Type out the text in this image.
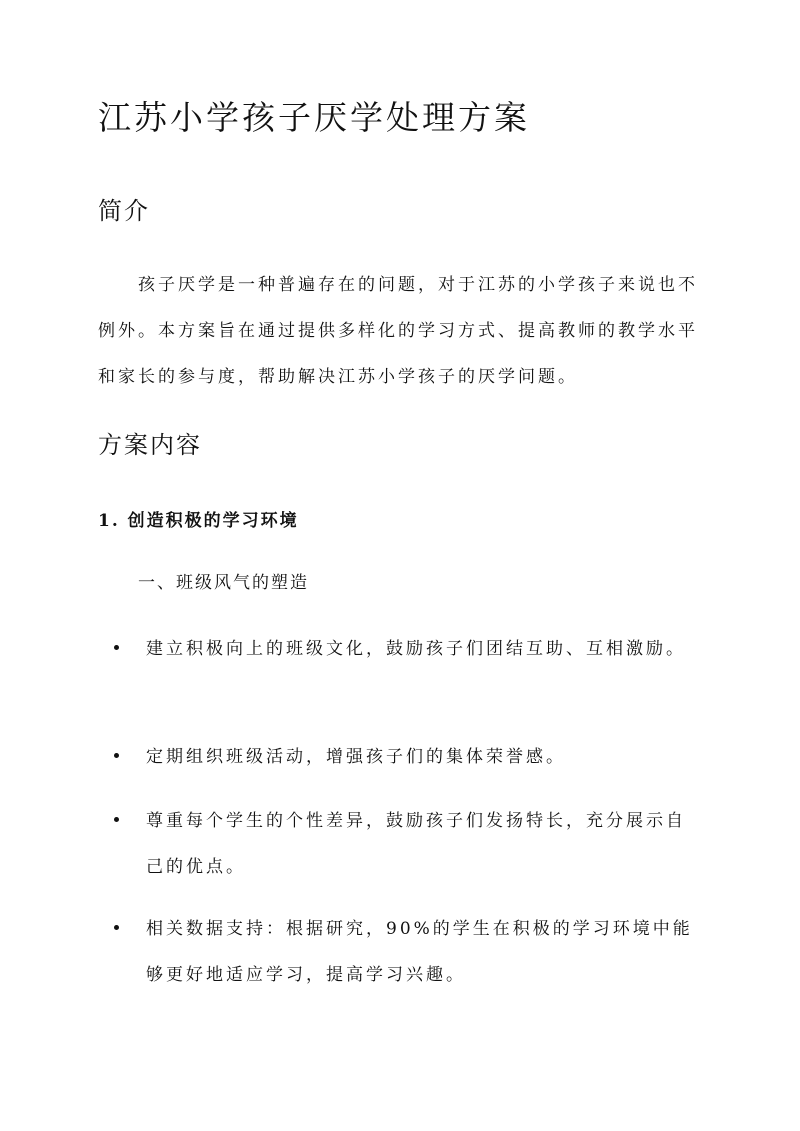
江苏小学孩子厌学处理方案
简介

孩子厌学是一种普遍存在的问题，对于江苏的小学孩子来说也不例外。本方案旨在通过提供多样化的学习方式、提高教师的教学水平和家长的参与度，帮助解决江苏小学孩子的厌学问题。

方案内容
1. 创造积极的学习环境
一、班级风气的塑造

建立积极向上的班级文化，鼓励孩子们团结互助、互相激励。

定期组织班级活动，增强孩子们的集体荣誉感。

尊重每个学生的个性差异，鼓励孩子们发扬特长，充分展示自己的优点。

相关数据支持：根据研究，90%的学生在积极的学习环境中能够更好地适应学习，提高学习兴趣。
